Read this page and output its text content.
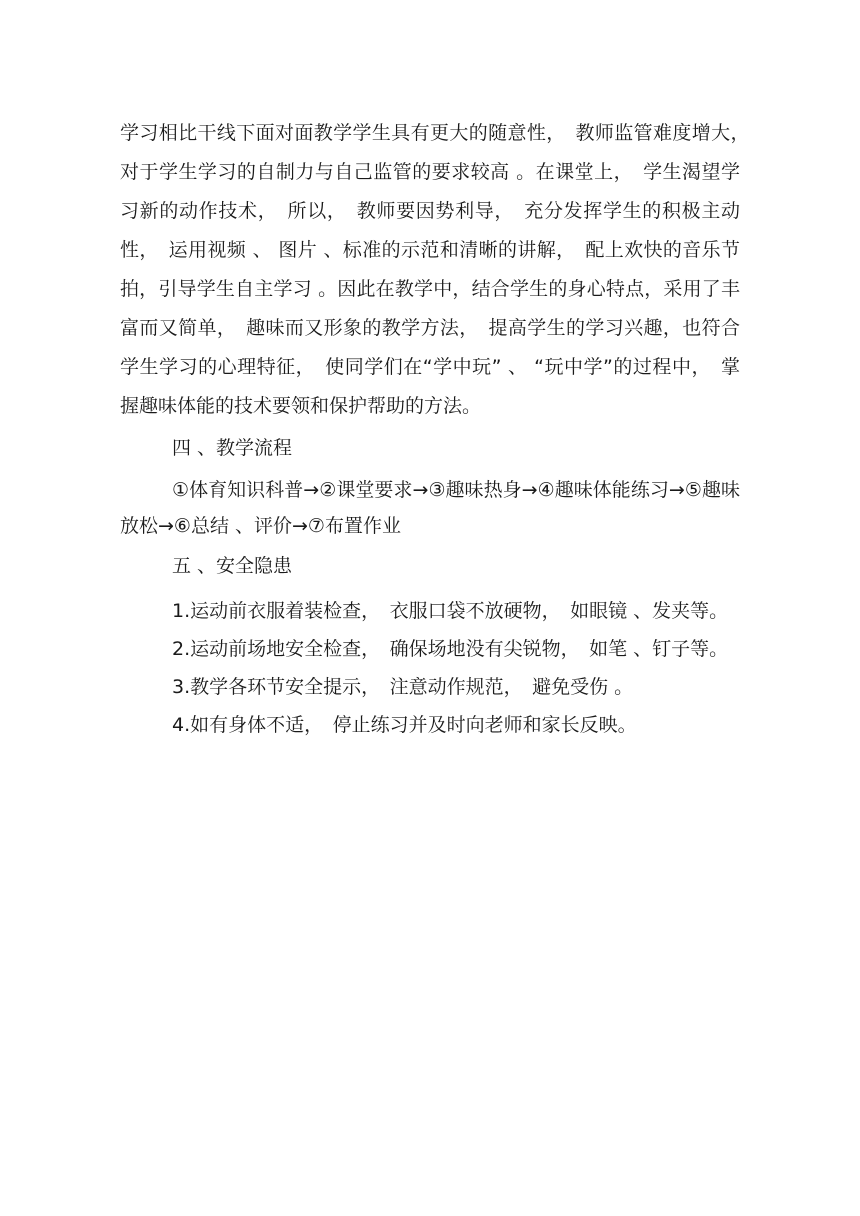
学习相比干线下面对面教学学生具有更大的随意性，　教师监管难度增大，　对于学生学习的自制力与自己监管的要求较高 。在课堂上，　学生渴望学习新的动作技术，　所以，　教师要因势利导，　充分发挥学生的积极主动性，　运用视频 、 图片 、标准的示范和清晰的讲解，　配上欢快的音乐节拍，引导学生自主学习 。因此在教学中，结合学生的身心特点，采用了丰富而又简单，　趣味而又形象的教学方法，　提高学生的学习兴趣，也符合学生学习的心理特征，　使同学们在“学中玩” 、 “玩中学”的过程中，　掌握趣味体能的技术要领和保护帮助的方法。

四 、教学流程

①体育知识科普→②课堂要求→③趣味热身→④趣味体能练习→⑤趣味放松→⑥总结 、评价→⑦布置作业

五 、安全隐患
1.运动前衣服着装检查，　衣服口袋不放硬物，　如眼镜 、发夹等。
2.运动前场地安全检查，　确保场地没有尖锐物，　如笔 、钉子等。
3.教学各环节安全提示，　注意动作规范，　避免受伤 。
4.如有身体不适，　停止练习并及时向老师和家长反映。
